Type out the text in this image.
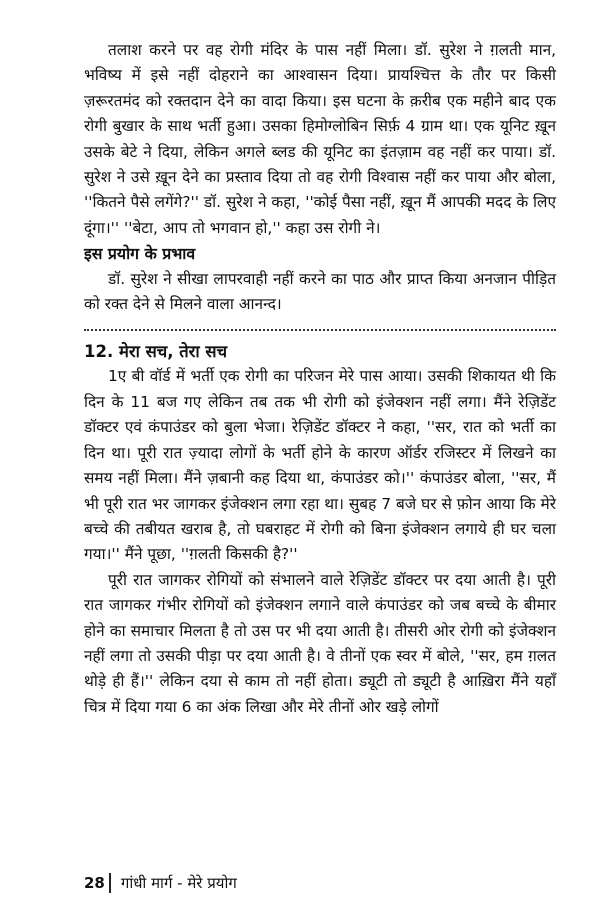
तलाश करने पर वह रोगी मंदिर के पास नहीं मिला। डॉ. सुरेश ने ग़लती मान, भविष्य में इसे नहीं दोहराने का आश्वासन दिया। प्रायश्चित्त के तौर पर किसी ज़रूरतमंद को रक्तदान देने का वादा किया। इस घटना के क़रीब एक महीने बाद एक रोगी बुखार के साथ भर्ती हुआ। उसका हिमोग्लोबिन सिर्फ़ 4 ग्राम था। एक यूनिट ख़ून उसके बेटे ने दिया, लेकिन अगले ब्लड की यूनिट का इंतज़ाम वह नहीं कर पाया। डॉ. सुरेश ने उसे ख़ून देने का प्रस्ताव दिया तो वह रोगी विश्वास नहीं कर पाया और बोला, ''कितने पैसे लगेंगे?'' डॉ. सुरेश ने कहा, ''कोई पैसा नहीं, ख़ून मैं आपकी मदद के लिए दूंगा।'' ''बेटा, आप तो भगवान हो,'' कहा उस रोगी ने।

इस प्रयोग के प्रभाव

डॉ. सुरेश ने सीखा लापरवाही नहीं करने का पाठ और प्राप्त किया अनजान पीड़ित को रक्त देने से मिलने वाला आनन्द।

12. मेरा सच, तेरा सच

1ए बी वॉर्ड में भर्ती एक रोगी का परिजन मेरे पास आया। उसकी शिकायत थी कि दिन के 11 बज गए लेकिन तब तक भी रोगी को इंजेक्शन नहीं लगा। मैंने रेज़िडेंट डॉक्टर एवं कंपाउंडर को बुला भेजा। रेज़िडेंट डॉक्टर ने कहा, ''सर, रात को भर्ती का दिन था। पूरी रात ज़्यादा लोगों के भर्ती होने के कारण ऑर्डर रजिस्टर में लिखने का समय नहीं मिला। मैंने ज़बानी कह दिया था, कंपाउंडर को।'' कंपाउंडर बोला, ''सर, मैं भी पूरी रात भर जागकर इंजेक्शन लगा रहा था। सुबह 7 बजे घर से फ़ोन आया कि मेरे बच्चे की तबीयत खराब है, तो घबराहट में रोगी को बिना इंजेक्शन लगाये ही घर चला गया।'' मैंने पूछा, ''ग़लती किसकी है?''

पूरी रात जागकर रोगियों को संभालने वाले रेज़िडेंट डॉक्टर पर दया आती है। पूरी रात जागकर गंभीर रोगियों को इंजेक्शन लगाने वाले कंपाउंडर को जब बच्चे के बीमार होने का समाचार मिलता है तो उस पर भी दया आती है। तीसरी ओर रोगी को इंजेक्शन नहीं लगा तो उसकी पीड़ा पर दया आती है। वे तीनों एक स्वर में बोले, ''सर, हम ग़लत थोड़े ही हैं।'' लेकिन दया से काम तो नहीं होता। ड्यूटी तो ड्यूटी है आख़िरा मैंने यहाँ चित्र में दिया गया 6 का अंक लिखा और मेरे तीनों ओर खड़े लोगों

28	गांधी मार्ग - मेरे प्रयोग
